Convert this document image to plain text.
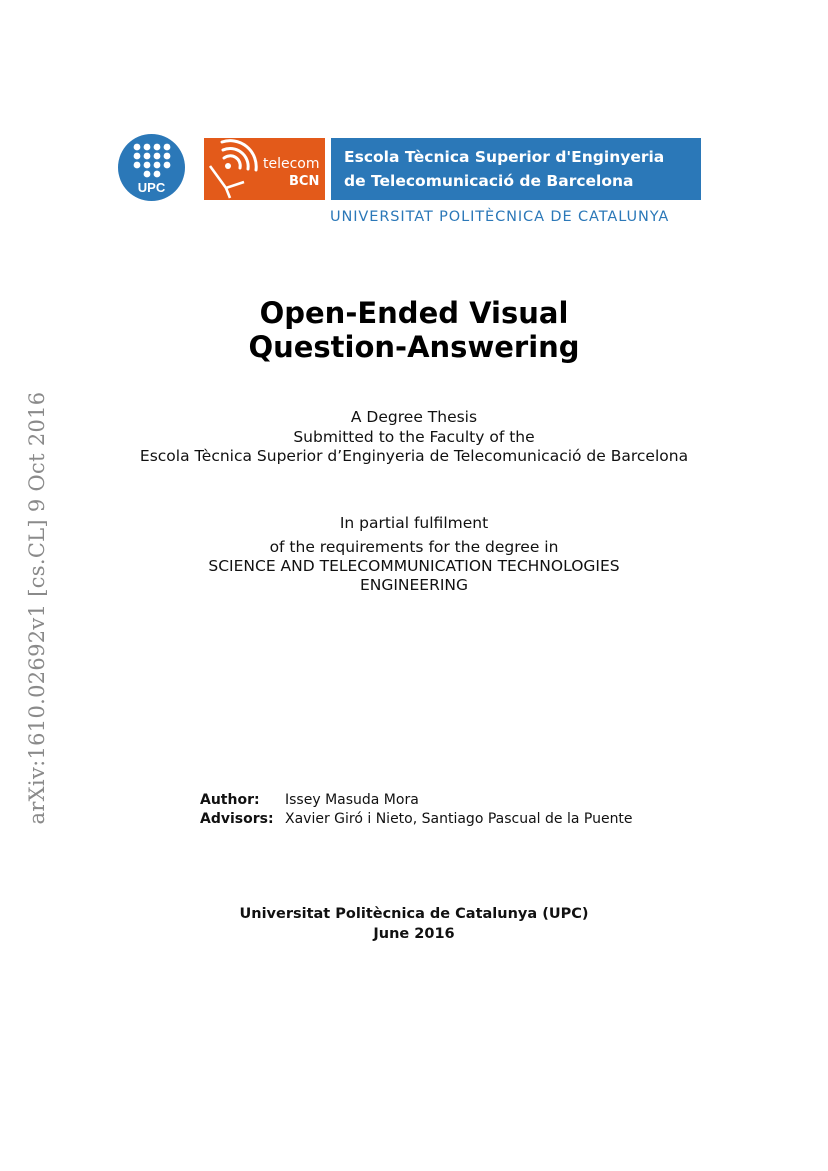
UPC
telecom
BCN
Escola Tècnica Superior d'Enginyeria
de Telecomunicació de Barcelona
UNIVERSITAT POLITÈCNICA DE CATALUNYA
arXiv:1610.02692v1 [cs.CL] 9 Oct 2016
Open-Ended Visual
Question-Answering
A Degree Thesis
Submitted to the Faculty of the
Escola Tècnica Superior d’Enginyeria de Telecomunicació de Barcelona
In partial fulfilment
of the requirements for the degree in
SCIENCE AND TELECOMMUNICATION TECHNOLOGIES
ENGINEERING
Author:	Issey Masuda Mora
Advisors: Xavier Giró i Nieto, Santiago Pascual de la Puente
Universitat Politècnica de Catalunya (UPC)
June 2016
